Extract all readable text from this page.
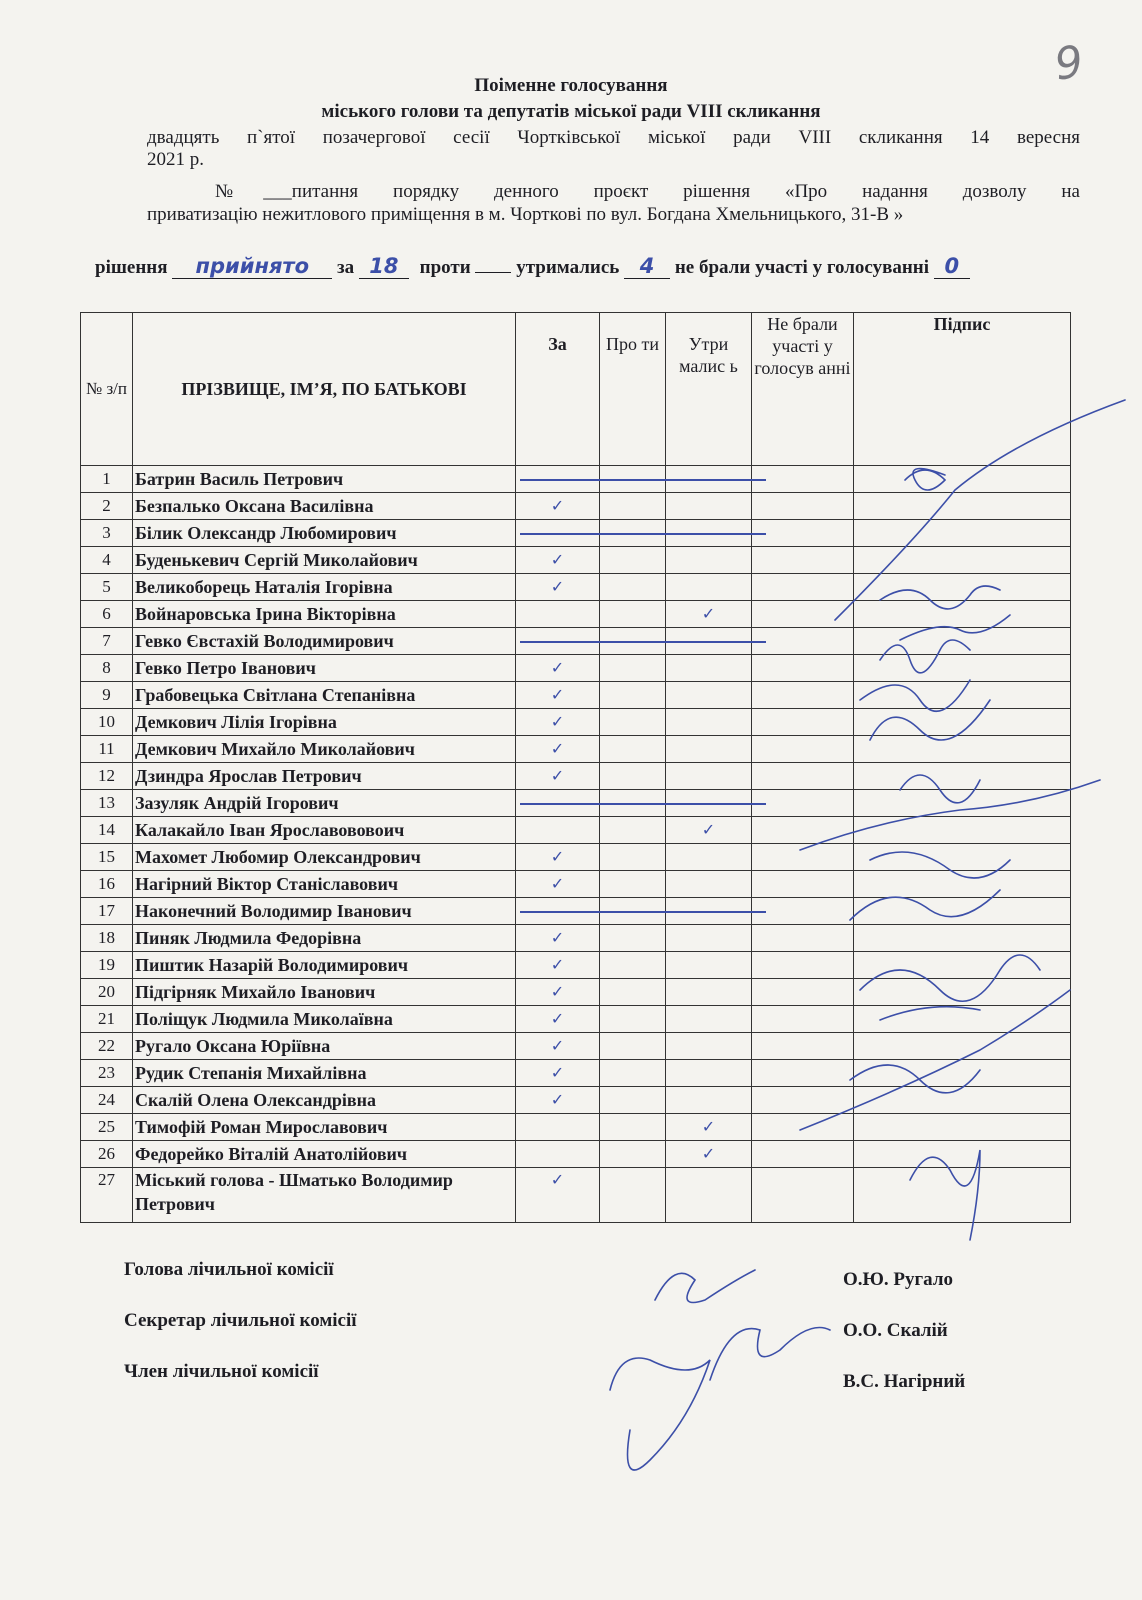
9
Поіменне голосування
міського голови та депутатів міської ради VIII скликання
двадцять п`ятої позачергової сесії Чортківської міської ради VIII скликання 14 вересня
2021 р.
№___питання порядку денного проєкт рішення «Про надання дозволу на
приватизацію нежитлового приміщення в м. Чорткові по вул. Богдана Хмельницького, 31-В »
рішення прийнято за 18 проти утримались 4 не брали участі у голосуванні 0
№ з/п	ПРІЗВИЩЕ, ІМ’Я, ПО БАТЬКОВІ	За	Про ти	Утри малис ь	Не брали участі у голосув анні	Підпис
1	Батрин Василь Петрович					
2	Безпалько Оксана Василівна	✓				
3	Білик Олександр Любомирович					
4	Буденькевич Сергій Миколайович	✓				
5	Великоборець Наталія Ігорівна	✓				
6	Войнаровська Ірина Вікторівна			✓		
7	Гевко Євстахій Володимирович					
8	Гевко Петро Іванович	✓				
9	Грабовецька Світлана Степанівна	✓				
10	Демкович Лілія Ігорівна	✓				
11	Демкович Михайло Миколайович	✓				
12	Дзиндра Ярослав Петрович	✓				
13	Зазуляк Андрій Ігорович					
14	Калакайло Іван Ярославововоич			✓		
15	Махомет Любомир Олександрович	✓				
16	Нагірний Віктор Станіславович	✓				
17	Наконечний Володимир Іванович					
18	Пиняк Людмила Федорівна	✓				
19	Пиштик Назарій Володимирович	✓				
20	Підгірняк Михайло Іванович	✓				
21	Поліщук Людмила Миколаївна	✓				
22	Ругало Оксана Юріївна	✓				
23	Рудик Степанія Михайлівна	✓				
24	Скалій Олена Олександрівна	✓				
25	Тимофій Роман Мирославович			✓		
26	Федорейко Віталій Анатолійович			✓		
27	Міський голова - Шматько Володимир Петрович	✓				
Голова лічильної комісії	О.Ю. Ругало
Секретар лічильної комісії	О.О. Скалій
Член лічильної комісії	В.С. Нагірний
